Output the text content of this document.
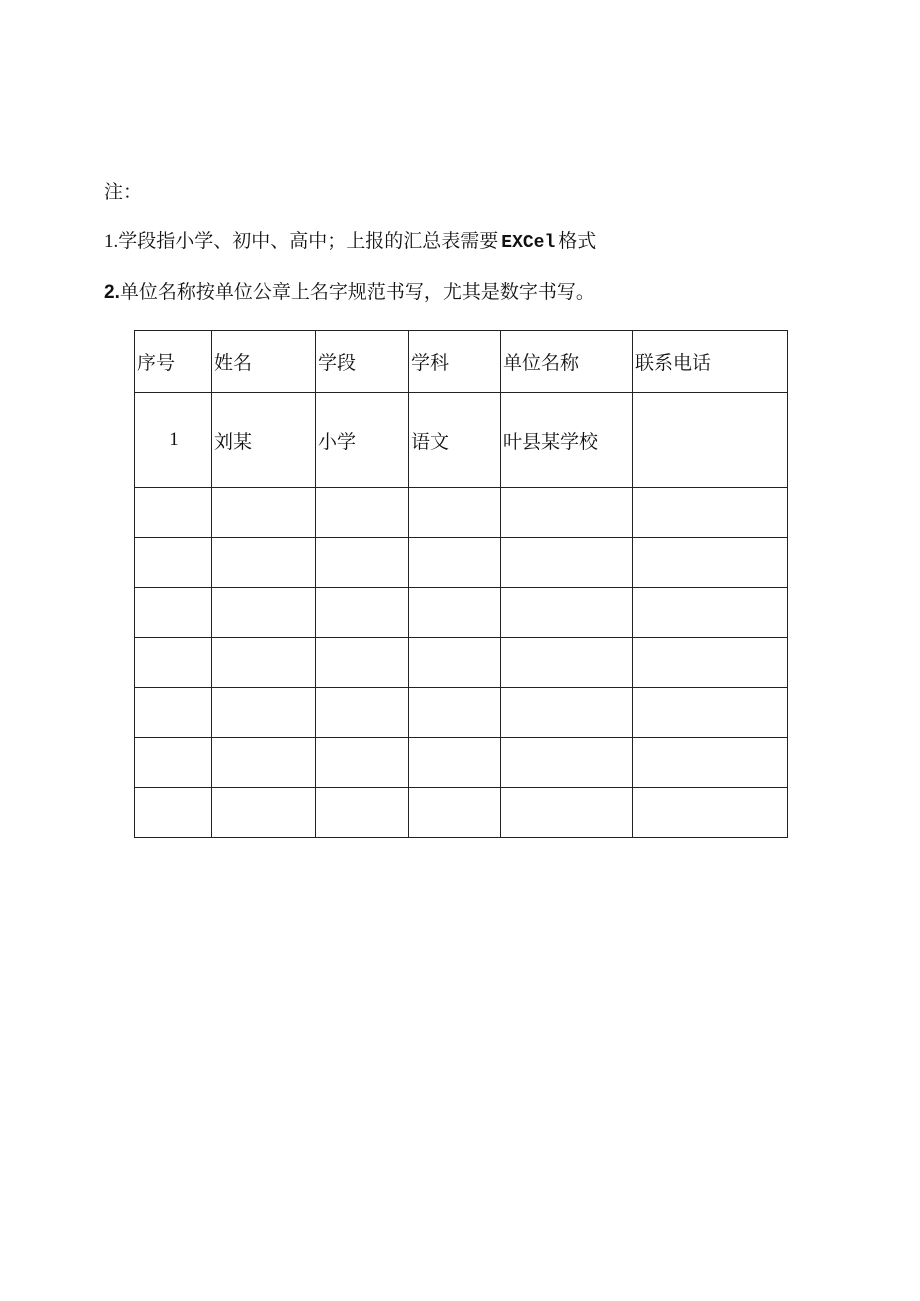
注：
1.学段指小学、初中、高中；上报的汇总表需要 EXCel 格式
2.单位名称按单位公章上名字规范书写，尤其是数字书写。
序号	姓名	学段	学科	单位名称	联系电话
1	刘某	小学	语文	叶县某学校	
